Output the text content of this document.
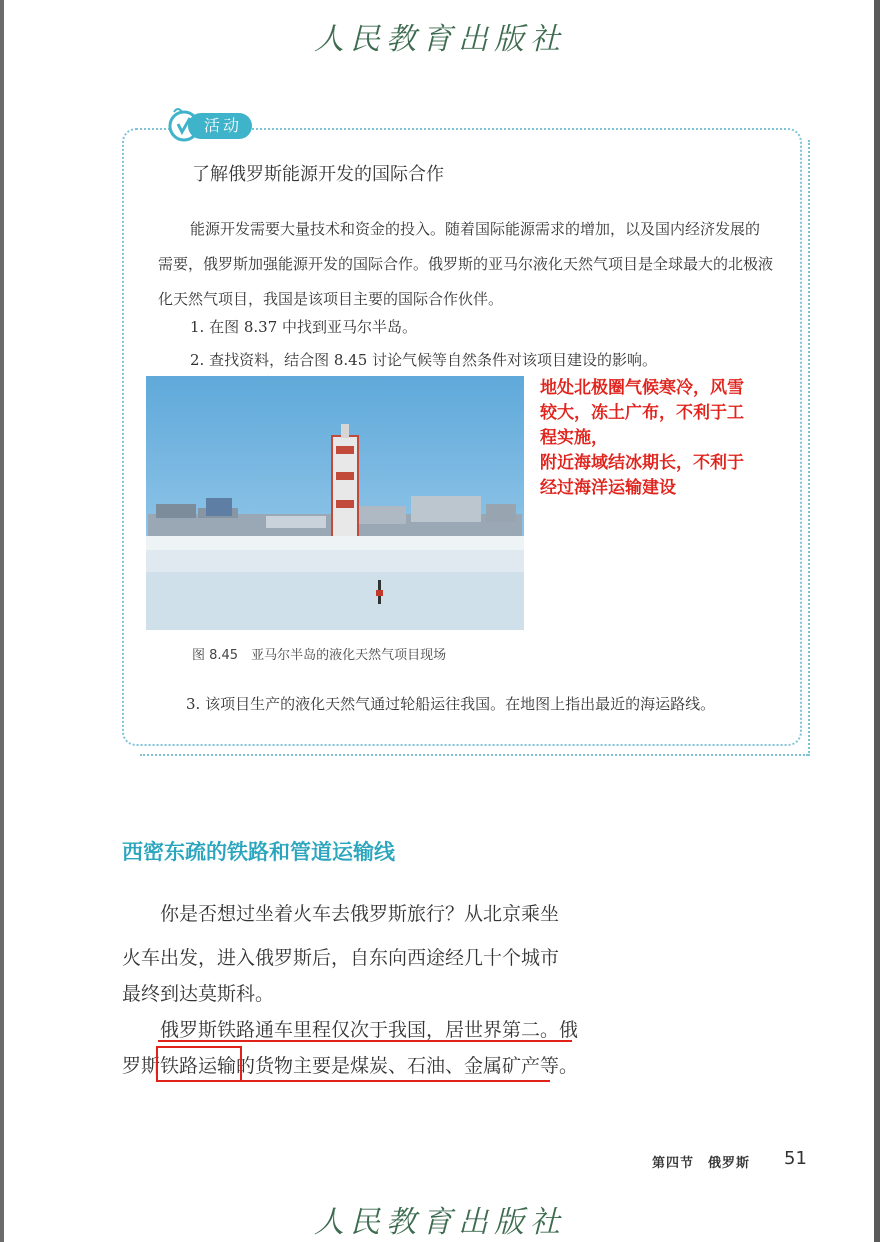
人民教育出版社
活动
了解俄罗斯能源开发的国际合作
能源开发需要大量技术和资金的投入。随着国际能源需求的增加，以及国内经济发展的需要，俄罗斯加强能源开发的国际合作。俄罗斯的亚马尔液化天然气项目是全球最大的北极液化天然气项目，我国是该项目主要的国际合作伙伴。
1. 在图 8.37 中找到亚马尔半岛。
2. 查找资料，结合图 8.45 讨论气候等自然条件对该项目建设的影响。
地处北极圈气候寒冷，风雪
较大，冻土广布，不利于工
程实施，
附近海域结冰期长，不利于
经过海洋运输建设
图 8.45　亚马尔半岛的液化天然气项目现场
3. 该项目生产的液化天然气通过轮船运往我国。在地图上指出最近的海运路线。
西密东疏的铁路和管道运输线
　　你是否想过坐着火车去俄罗斯旅行？从北京乘坐
火车出发，进入俄罗斯后，自东向西途经几十个城市
最终到达莫斯科。
　　俄罗斯铁路通车里程仅次于我国，居世界第二。俄
罗斯铁路运输的货物主要是煤炭、石油、金属矿产等。
第四节　俄罗斯 51
人民教育出版社
